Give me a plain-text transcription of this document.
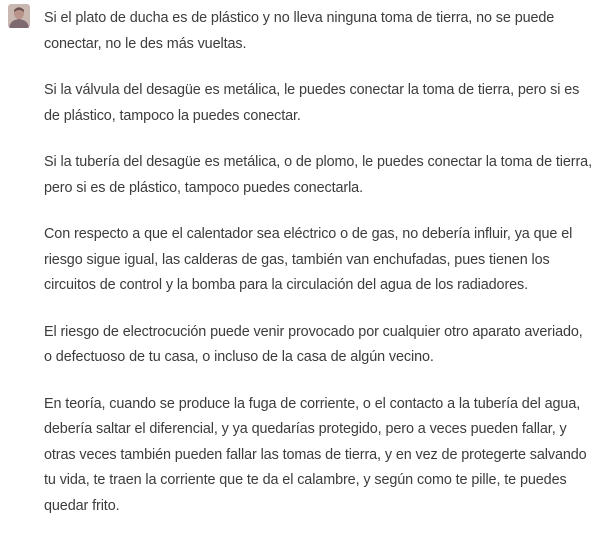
Si el plato de ducha es de plástico y no lleva ninguna toma de tierra, no se puede conectar, no le des más vueltas.

Si la válvula del desagüe es metálica, le puedes conectar la toma de tierra, pero si es de plástico, tampoco la puedes conectar.

Si la tubería del desagüe es metálica, o de plomo, le puedes conectar la toma de tierra, pero si es de plástico, tampoco puedes conectarla.

Con respecto a que el calentador sea eléctrico o de gas, no debería influir, ya que el riesgo sigue igual, las calderas de gas, también van enchufadas, pues tienen los circuitos de control y la bomba para la circulación del agua de los radiadores.

El riesgo de electrocución puede venir provocado por cualquier otro aparato averiado, o defectuoso de tu casa, o incluso de la casa de algún vecino.

En teoría, cuando se produce la fuga de corriente, o el contacto a la tubería del agua, debería saltar el diferencial, y ya quedarías protegido, pero a veces pueden fallar, y otras veces también pueden fallar las tomas de tierra, y en vez de protegerte salvando tu vida, te traen la corriente que te da el calambre, y según como te pille, te puedes quedar frito.
